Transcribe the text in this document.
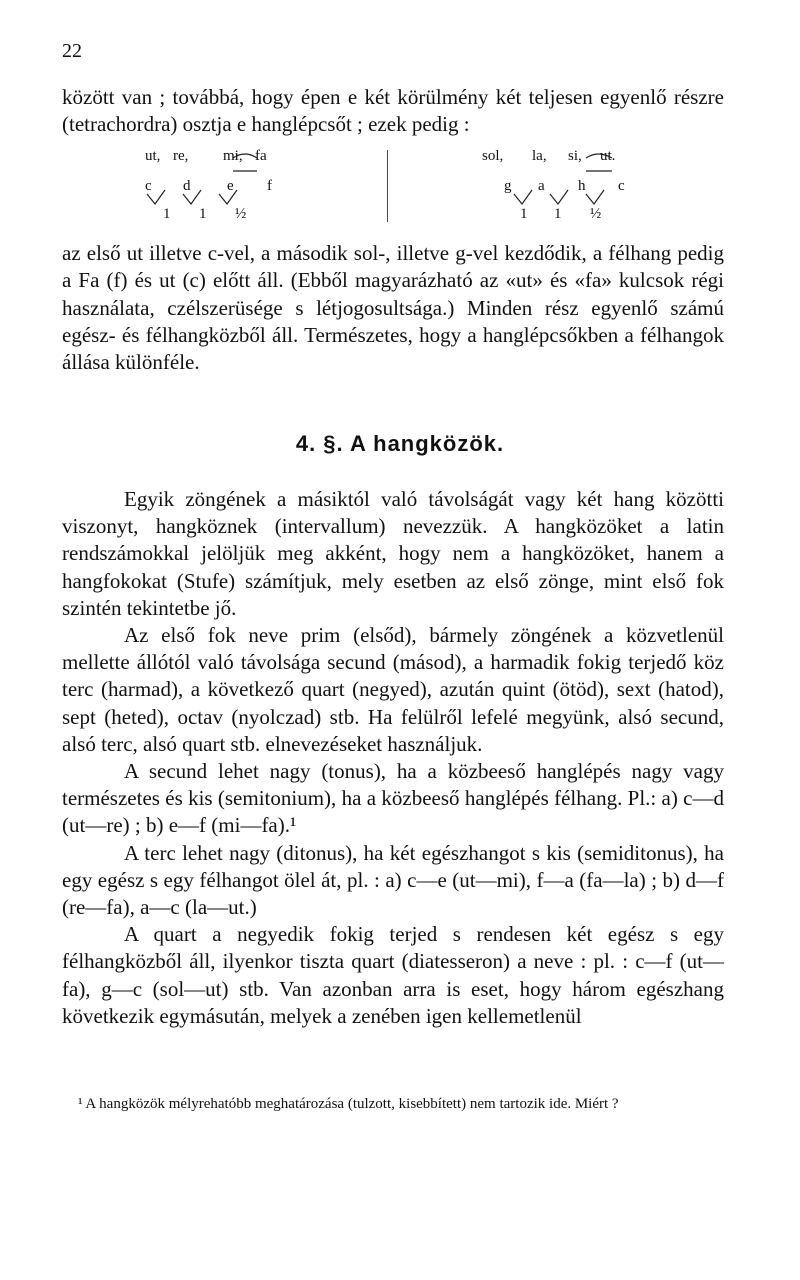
22
között van ; továbbá, hogy épen e két körülmény két teljesen egyenlő részre (tetrachordra) osztja e hanglépcsőt ; ezek pedig :
ut, re, mi, fa
c d e f
1 1 ½
sol, la, si, ut.
g a h c
1 1 ½
az első ut illetve c-vel, a második sol-, illetve g-vel kezdődik, a félhang pedig a Fa (f) és ut (c) előtt áll. (Ebből magyarázható az «ut» és «fa» kulcsok régi használata, czélszerüsége s létjogosultsága.) Minden rész egyenlő számú egész- és félhangközből áll. Természetes, hogy a hanglépcsőkben a félhangok állása különféle.
4. §. A hangközök.

Egyik zöngének a másiktól való távolságát vagy két hang közötti viszonyt, hangköznek (intervallum) nevezzük. A hangközöket a latin rendszámokkal jelöljük meg akként, hogy nem a hangközöket, hanem a hangfokokat (Stufe) számítjuk, mely esetben az első zönge, mint első fok szintén tekintetbe jő.

Az első fok neve prim (elsőd), bármely zöngének a közvetlenül mellette állótól való távolsága secund (másod), a harmadik fokig terjedő köz terc (harmad), a következő quart (negyed), azután quint (ötöd), sext (hatod), sept (heted), octav (nyolczad) stb. Ha felülről lefelé megyünk, alsó secund, alsó terc, alsó quart stb. elnevezéseket használjuk.

A secund lehet nagy (tonus), ha a közbeeső hanglépés nagy vagy természetes és kis (semitonium), ha a közbeeső hanglépés félhang. Pl.: a) c—d (ut—re) ; b) e—f (mi—fa).¹

A terc lehet nagy (ditonus), ha két egészhangot s kis (semiditonus), ha egy egész s egy félhangot ölel át, pl. : a) c—e (ut—mi), f—a (fa—la) ; b) d—f (re—fa), a—c (la—ut.)

A quart a negyedik fokig terjed s rendesen két egész s egy félhangközből áll, ilyenkor tiszta quart (diatesseron) a neve : pl. : c—f (ut—fa), g—c (sol—ut) stb. Van azonban arra is eset, hogy három egészhang következik egymásután, melyek a zenében igen kellemetlenül

¹ A hangközök mélyrehatóbb meghatározása (tulzott, kisebbített) nem tartozik ide. Miért ?
